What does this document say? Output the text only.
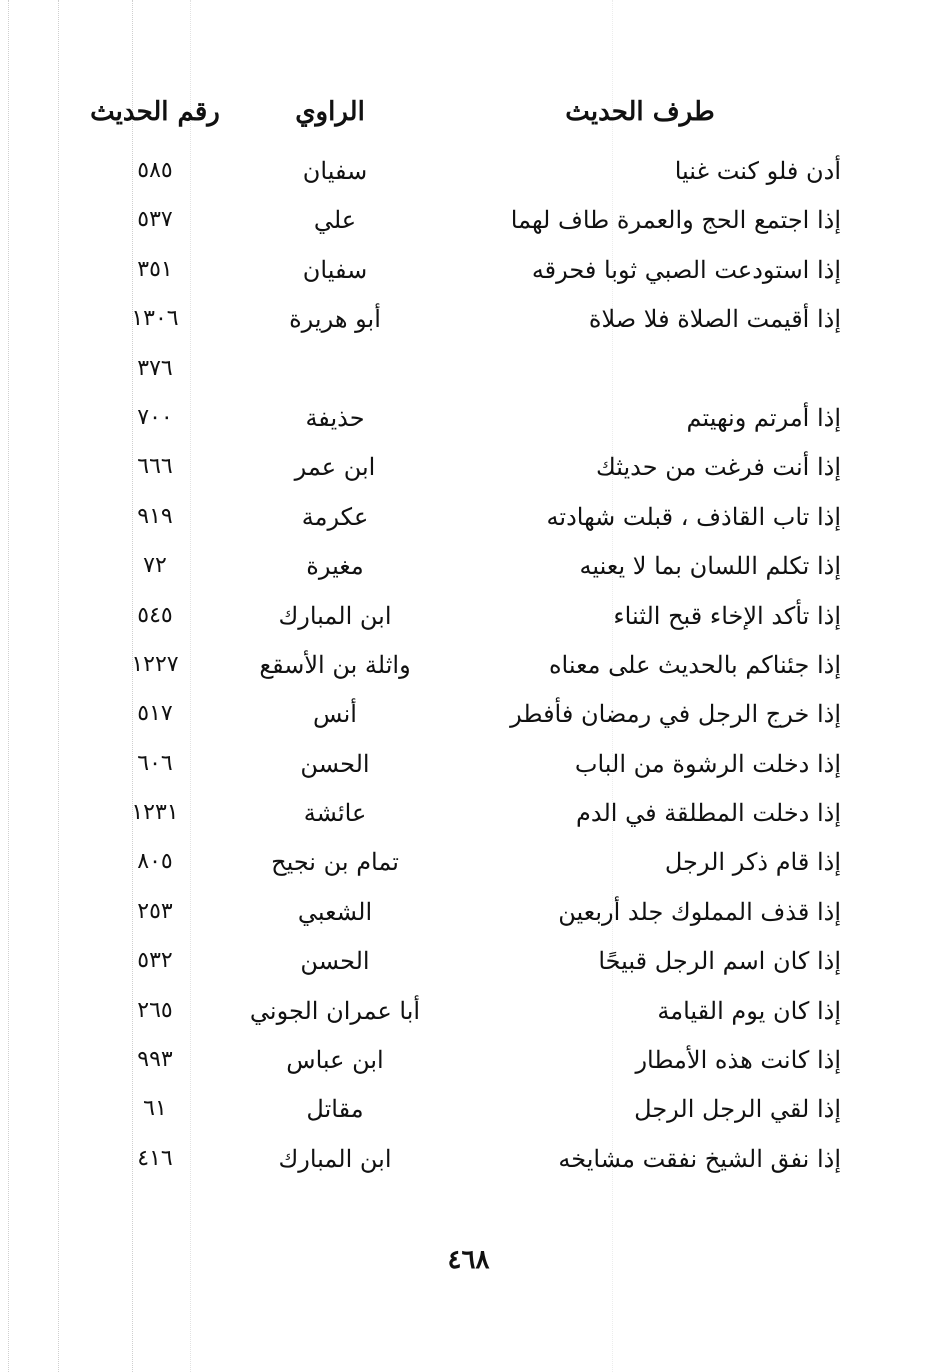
طرف الحديث
الراوي
رقم الحديث
أدن فلو كنت غنيا
سفيان
٥٨٥
إذا اجتمع الحج والعمرة طاف لهما
علي
٥٣٧
إذا استودعت الصبي ثوبا فحرقه
سفيان
٣٥١
إذا أقيمت الصلاة فلا صلاة
أبو هريرة
١٣٠٦
٣٧٦
إذا أمرتم ونهيتم
حذيفة
٧٠٠
إذا أنت فرغت من حديثك
ابن عمر
٦٦٦
إذا تاب القاذف ، قبلت شهادته
عكرمة
٩١٩
إذا تكلم اللسان بما لا يعنيه
مغيرة
٧٢
إذا تأكد الإخاء قبح الثناء
ابن المبارك
٥٤٥
إذا جئناكم بالحديث على معناه
واثلة بن الأسقع
١٢٢٧
إذا خرج الرجل في رمضان فأفطر
أنس
٥١٧
إذا دخلت الرشوة من الباب
الحسن
٦٠٦
إذا دخلت المطلقة في الدم
عائشة
١٢٣١
إذا قام ذكر الرجل
تمام بن نجيح
٨٠٥
إذا قذف المملوك جلد أربعين
الشعبي
٢٥٣
إذا كان اسم الرجل قبيحًا
الحسن
٥٣٢
إذا كان يوم القيامة
أبا عمران الجوني
٢٦٥
إذا كانت هذه الأمطار
ابن عباس
٩٩٣
إذا لقي الرجل الرجل
مقاتل
٦١
إذا نفق الشيخ نفقت مشايخه
ابن المبارك
٤١٦
٤٦٨
